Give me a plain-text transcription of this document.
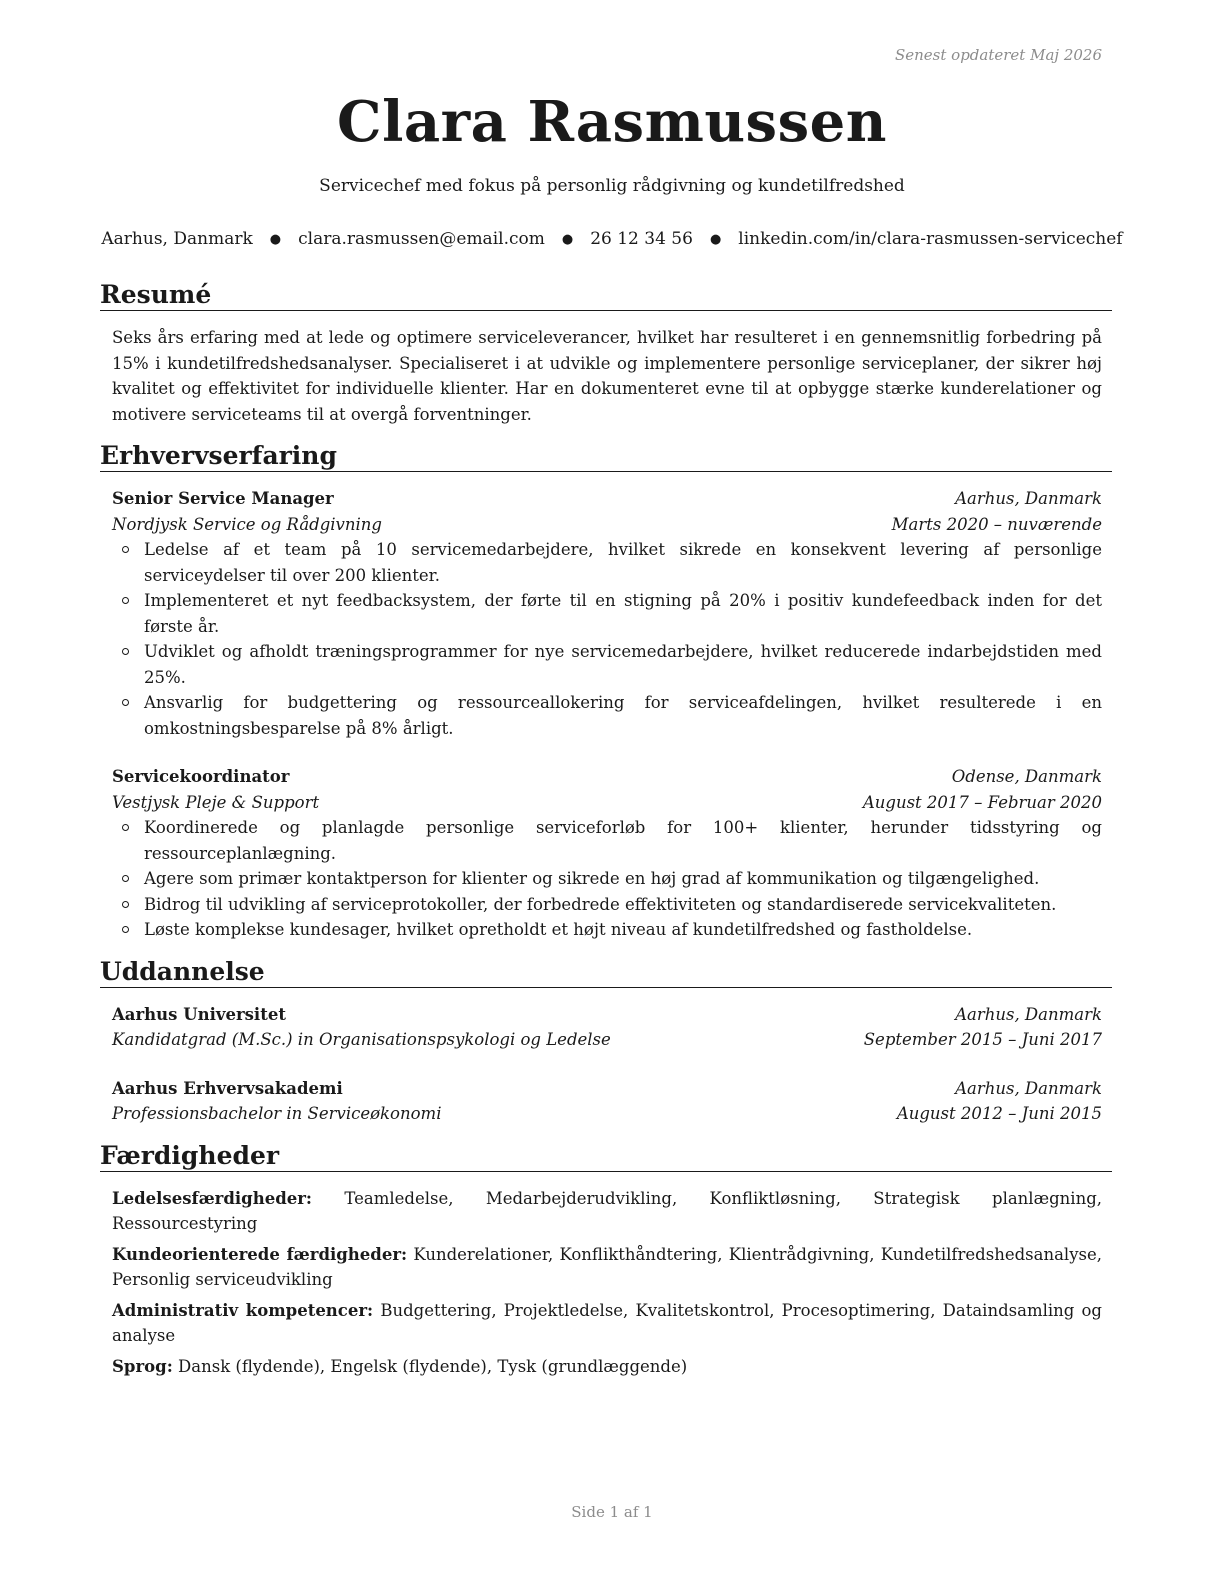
Senest opdateret Maj 2026
Clara Rasmussen
Servicechef med fokus på personlig rådgivning og kundetilfredshed
Aarhus, Danmark ● clara.rasmussen@email.com ● 26 12 34 56 ● linkedin.com/in/clara-rasmussen-servicechef
Resumé

Seks års erfaring med at lede og optimere serviceleverancer, hvilket har resulteret i en gennemsnitlig forbedring på 15% i kundetilfredshedsanalyser. Specialiseret i at udvikle og implementere personlige serviceplaner, der sikrer høj kvalitet og effektivitet for individuelle klienter. Har en dokumenteret evne til at opbygge stærke kunderelationer og motivere serviceteams til at overgå forventninger.

Erhvervserfaring
Senior Service Manager	Aarhus, Danmark
Nordjysk Service og Rådgivning	Marts 2020 – nuværende
Ledelse af et team på 10 servicemedarbejdere, hvilket sikrede en konsekvent levering af personlige serviceydelser til over 200 klienter.
Implementeret et nyt feedbacksystem, der førte til en stigning på 20% i positiv kundefeedback inden for det første år.
Udviklet og afholdt træningsprogrammer for nye servicemedarbejdere, hvilket reducerede indarbejdstiden med 25%.
Ansvarlig for budgettering og ressourceallokering for serviceafdelingen, hvilket resulterede i en omkostningsbesparelse på 8% årligt.
Servicekoordinator	Odense, Danmark
Vestjysk Pleje & Support	August 2017 – Februar 2020
Koordinerede og planlagde personlige serviceforløb for 100+ klienter, herunder tidsstyring og ressourceplanlægning.
Agere som primær kontaktperson for klienter og sikrede en høj grad af kommunikation og tilgængelighed.
Bidrog til udvikling af serviceprotokoller, der forbedrede effektiviteten og standardiserede servicekvaliteten.
Løste komplekse kundesager, hvilket opretholdt et højt niveau af kundetilfredshed og fastholdelse.
Uddannelse
Aarhus Universitet	Aarhus, Danmark
Kandidatgrad (M.Sc.) in Organisationspsykologi og Ledelse	September 2015 – Juni 2017
Aarhus Erhvervsakademi	Aarhus, Danmark
Professionsbachelor in Serviceøkonomi	August 2012 – Juni 2015
Færdigheder
Ledelsesfærdigheder: Teamledelse, Medarbejderudvikling, Konfliktløsning, Strategisk planlægning, Ressourcestyring
Kundeorienterede færdigheder: Kunderelationer, Konflikthåndtering, Klientrådgivning, Kundetilfredshedsanalyse, Personlig serviceudvikling
Administrativ kompetencer: Budgettering, Projektledelse, Kvalitetskontrol, Procesoptimering, Dataindsamling og analyse
Sprog: Dansk (flydende), Engelsk (flydende), Tysk (grundlæggende)
Side 1 af 1
